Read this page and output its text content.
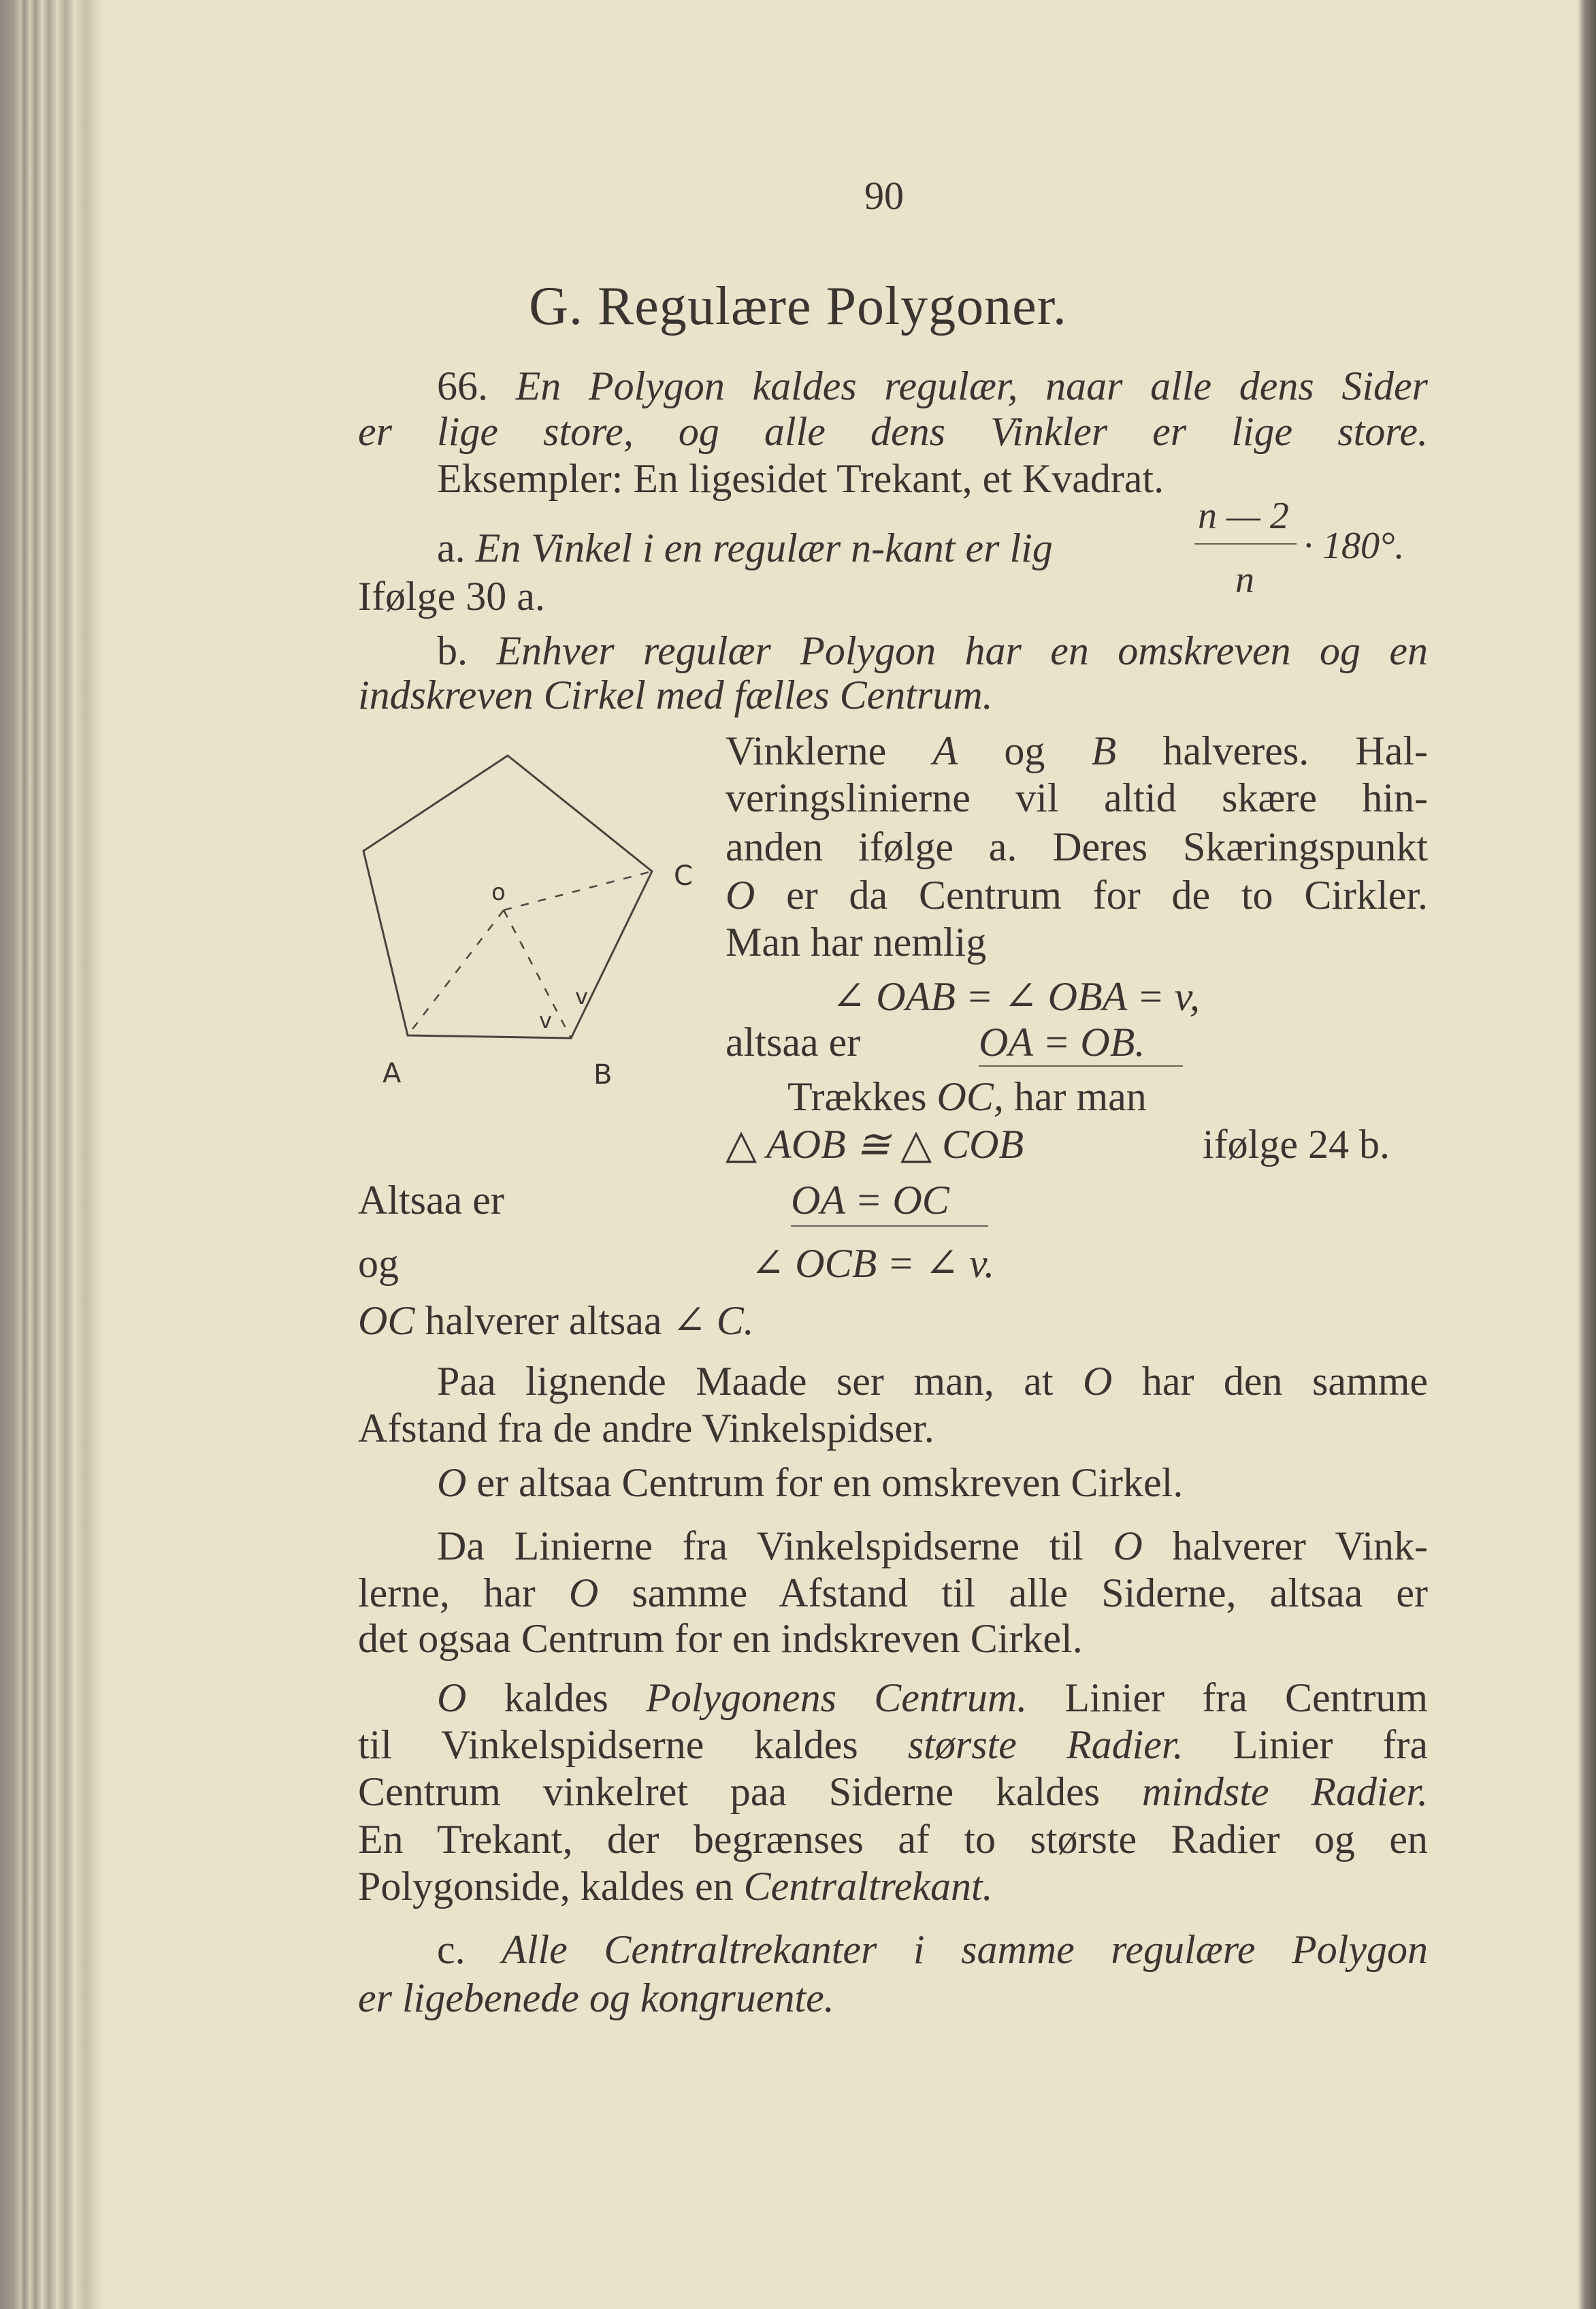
90
G. Regulære Polygoner.
66. En Polygon kaldes regulær, naar alle dens Sider
er lige store, og alle dens Vinkler er lige store.
Eksempler: En ligesidet Trekant, et Kvadrat.
a. En Vinkel i en regulær n-kant er lig
Ifølge 30 a.
b. Enhver regulær Polygon har en omskreven og en
indskreven Cirkel med fælles Centrum.
Vinklerne A og B halveres. Hal-
veringslinierne vil altid skære hin-
anden ifølge a. Deres Skæringspunkt
O er da Centrum for de to Cirkler.
Man har nemlig
∠ OAB = ∠ OBA = v,
altsaa er	OA = OB.
Trækkes OC, har man
△ AOB ≅ △ COB	ifølge 24 b.
Altsaa er	OA = OC
og	∠ OCB = ∠ v.
OC halverer altsaa ∠ C.
Paa lignende Maade ser man, at O har den samme
Afstand fra de andre Vinkelspidser.
O er altsaa Centrum for en omskreven Cirkel.
Da Linierne fra Vinkelspidserne til O halverer Vink-
lerne, har O samme Afstand til alle Siderne, altsaa er
det ogsaa Centrum for en indskreven Cirkel.
O kaldes Polygonens Centrum. Linier fra Centrum
til Vinkelspidserne kaldes største Radier. Linier fra
Centrum vinkelret paa Siderne kaldes mindste Radier.
En Trekant, der begrænses af to største Radier og en
Polygonside, kaldes en Centraltrekant.
c. Alle Centraltrekanter i samme regulære Polygon
er ligebenede og kongruente.
n — 2
n
· 180°.
o
C
A	B
v
v
